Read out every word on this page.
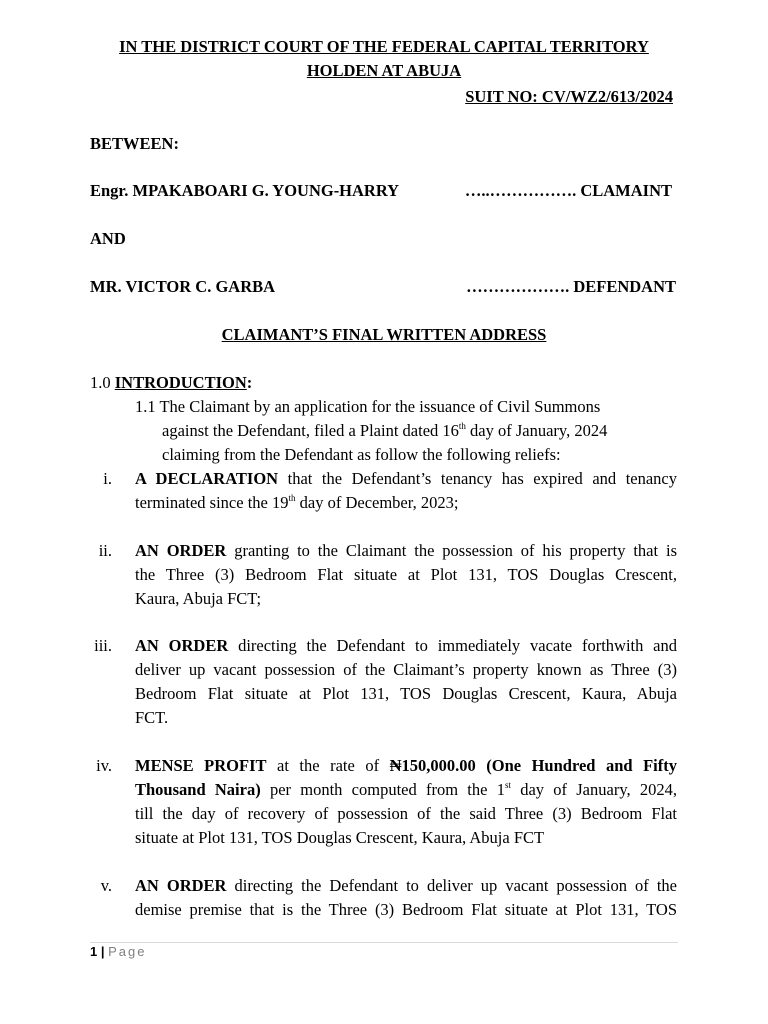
IN THE DISTRICT COURT OF THE FEDERAL CAPITAL TERRITORY
HOLDEN AT ABUJA
SUIT NO: CV/WZ2/613/2024
BETWEEN:
Engr. MPAKABOARI G. YOUNG-HARRY	…..……………. CLAMAINT
AND
MR. VICTOR C. GARBA	………………. DEFENDANT
CLAIMANT’S FINAL WRITTEN ADDRESS
1.0 INTRODUCTION:
1.1 The Claimant by an application for the issuance of Civil Summons
against the Defendant, filed a Plaint dated 16th day of January, 2024
claiming from the Defendant as follow the following reliefs:
i. A DECLARATION that the Defendant’s tenancy has expired and tenancy
terminated since the 19th day of December, 2023;
ii. AN ORDER granting to the Claimant the possession of his property that is
the Three (3) Bedroom Flat situate at Plot 131, TOS Douglas Crescent,
Kaura, Abuja FCT;
iii. AN ORDER directing the Defendant to immediately vacate forthwith and
deliver up vacant possession of the Claimant’s property known as Three (3)
Bedroom Flat situate at Plot 131, TOS Douglas Crescent, Kaura, Abuja
FCT.
iv. MENSE PROFIT at the rate of ₦150,000.00 (One Hundred and Fifty
Thousand Naira) per month computed from the 1st day of January, 2024,
till the day of recovery of possession of the said Three (3) Bedroom Flat
situate at Plot 131, TOS Douglas Crescent, Kaura, Abuja FCT
v. AN ORDER directing the Defendant to deliver up vacant possession of the
demise premise that is the Three (3) Bedroom Flat situate at Plot 131, TOS
1 | Page
